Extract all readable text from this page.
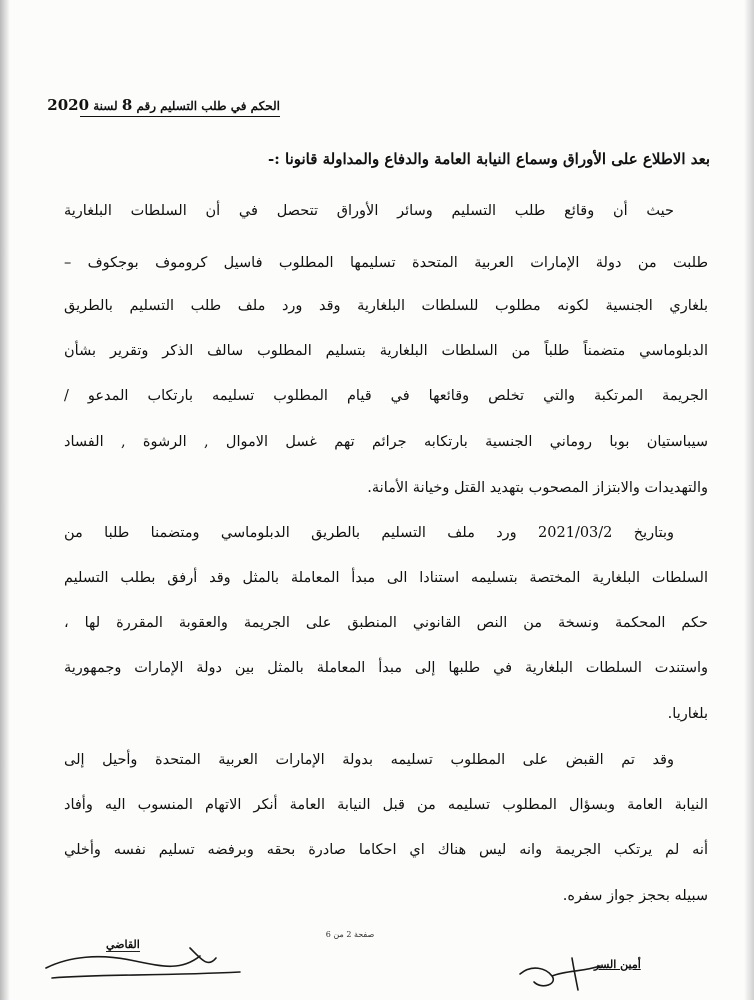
الحكم في طلب التسليم رقم 8 لسنة 2020
بعد الاطلاع على الأوراق وسماع النيابة العامة والدفاع والمداولة قانونا :-
حيث أن وقائع طلب التسليم وسائر الأوراق تتحصل في أن السلطات البلغارية
طلبت من دولة الإمارات العربية المتحدة تسليمها المطلوب فاسيل كروموف بوجكوف –
بلغاري الجنسية لكونه مطلوب للسلطات البلغارية وقد ورد ملف طلب التسليم بالطريق
الدبلوماسي متضمناً طلباً من السلطات البلغارية بتسليم المطلوب سالف الذكر وتقرير بشأن
الجريمة المرتكبة والتي تخلص وقائعها في قيام المطلوب تسليمه بارتكاب المدعو /
سيباستيان بوبا روماني الجنسية بارتكابه جرائم تهم غسل الاموال , الرشوة , الفساد
والتهديدات والابتزاز المصحوب بتهديد القتل وخيانة الأمانة.
وبتاريخ 2021/03/2 ورد ملف التسليم بالطريق الدبلوماسي ومتضمنا طلبا من
السلطات البلغارية المختصة بتسليمه استنادا الى مبدأ المعاملة بالمثل وقد أرفق بطلب التسليم
حكم المحكمة ونسخة من النص القانوني المنطبق على الجريمة والعقوبة المقررة لها ،
واستندت السلطات البلغارية في طلبها إلى مبدأ المعاملة بالمثل بين دولة الإمارات وجمهورية
بلغاريا.
وقد تم القبض على المطلوب تسليمه بدولة الإمارات العربية المتحدة وأحيل إلى
النيابة العامة وبسؤال المطلوب تسليمه من قبل النيابة العامة أنكر الاتهام المنسوب اليه وأفاد
أنه لم يرتكب الجريمة وانه ليس هناك اي احكاما صادرة بحقه وبرفضه تسليم نفسه وأخلي
سبيله بحجز جواز سفره.
صفحة 2 من 6
القاضي
أمين السر
